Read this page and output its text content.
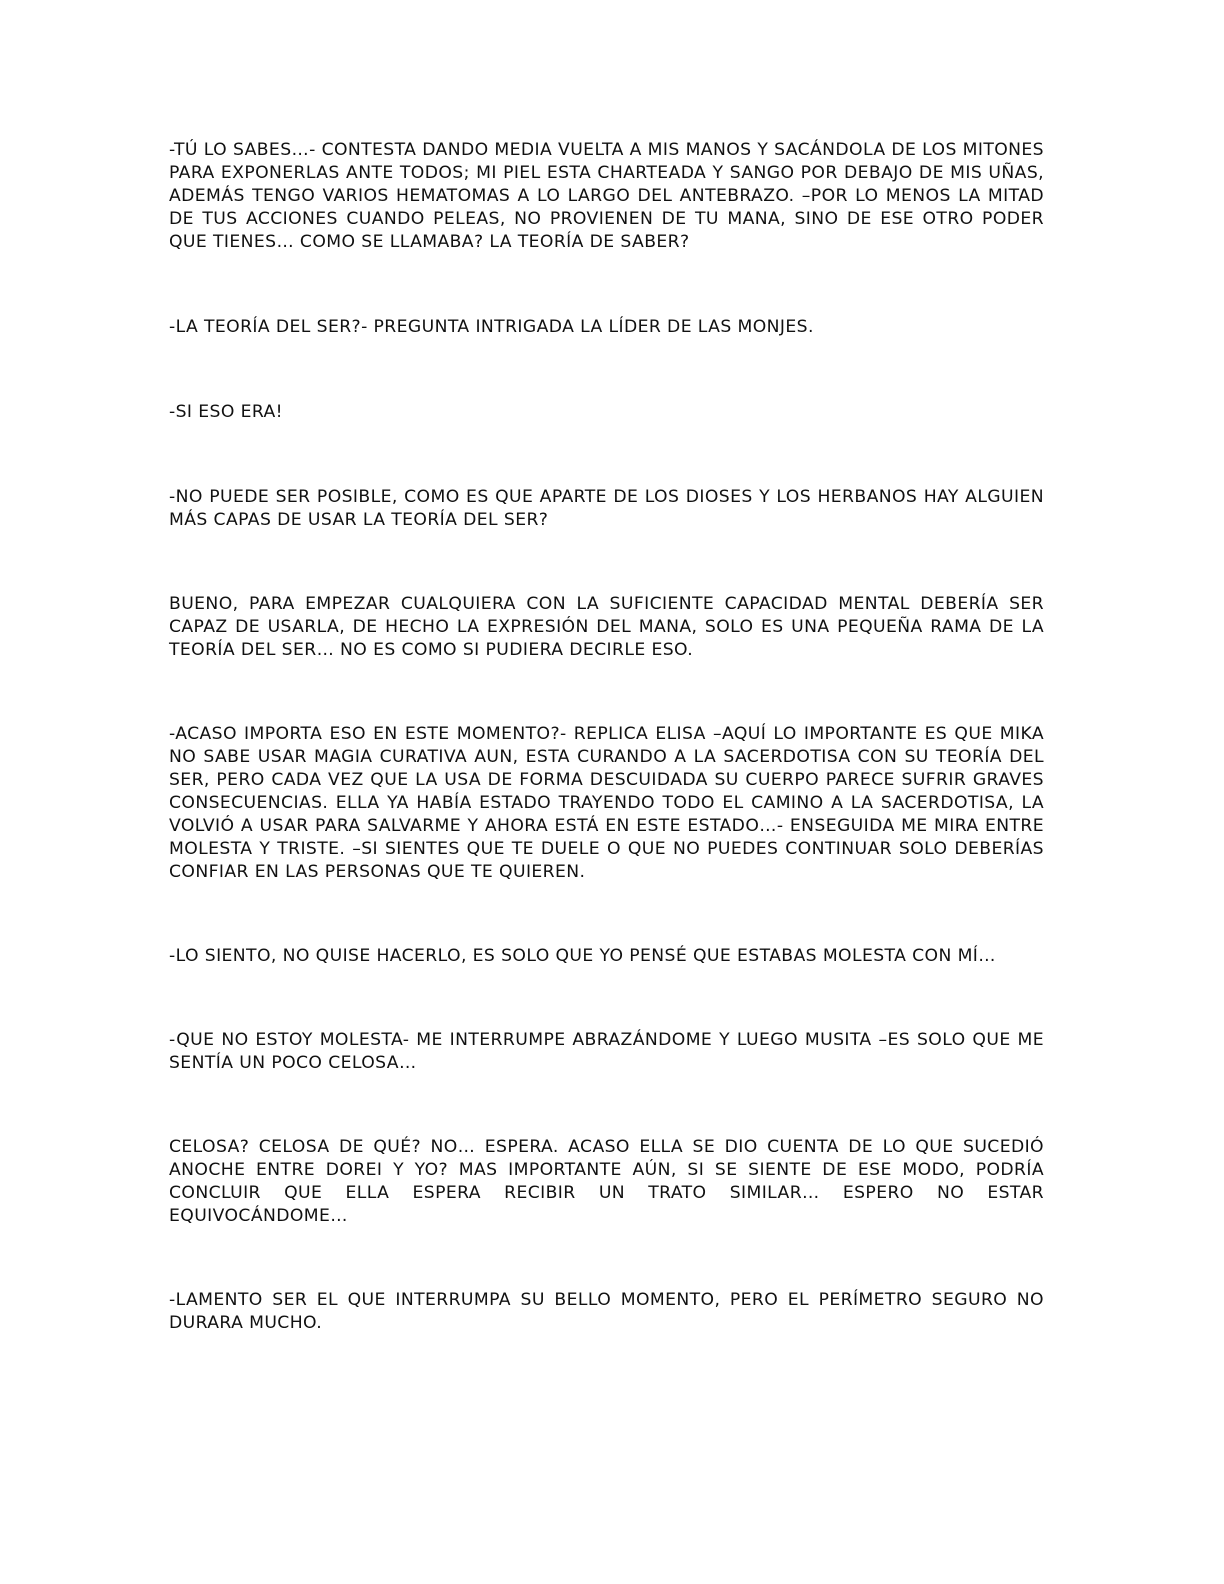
-TÚ LO SABES…- CONTESTA DANDO MEDIA VUELTA A MIS MANOS Y SACÁNDOLA DE LOS MITONES PARA EXPONERLAS ANTE TODOS; MI PIEL ESTA CHARTEADA Y SANGO POR DEBAJO DE MIS UÑAS, ADEMÁS TENGO VARIOS HEMATOMAS A LO LARGO DEL ANTEBRAZO. –POR LO MENOS LA MITAD DE TUS ACCIONES CUANDO PELEAS, NO PROVIENEN DE TU MANA, SINO DE ESE OTRO PODER QUE TIENES… COMO SE LLAMABA? LA TEORÍA DE SABER?

-LA TEORÍA DEL SER?- PREGUNTA INTRIGADA LA LÍDER DE LAS MONJES.

-SI ESO ERA!

-NO PUEDE SER POSIBLE, COMO ES QUE APARTE DE LOS DIOSES Y LOS HERBANOS HAY ALGUIEN MÁS CAPAS DE USAR LA TEORÍA DEL SER?

BUENO, PARA EMPEZAR CUALQUIERA CON LA SUFICIENTE CAPACIDAD MENTAL DEBERÍA SER CAPAZ DE USARLA, DE HECHO LA EXPRESIÓN DEL MANA, SOLO ES UNA PEQUEÑA RAMA DE LA TEORÍA DEL SER… NO ES COMO SI PUDIERA DECIRLE ESO.

-ACASO IMPORTA ESO EN ESTE MOMENTO?- REPLICA ELISA –AQUÍ LO IMPORTANTE ES QUE MIKA NO SABE USAR MAGIA CURATIVA AUN, ESTA CURANDO A LA SACERDOTISA CON SU TEORÍA DEL SER, PERO CADA VEZ QUE LA USA DE FORMA DESCUIDADA SU CUERPO PARECE SUFRIR GRAVES CONSECUENCIAS. ELLA YA HABÍA ESTADO TRAYENDO TODO EL CAMINO A LA SACERDOTISA, LA VOLVIÓ A USAR PARA SALVARME Y AHORA ESTÁ EN ESTE ESTADO…- ENSEGUIDA ME MIRA ENTRE MOLESTA Y TRISTE. –SI SIENTES QUE TE DUELE O QUE NO PUEDES CONTINUAR SOLO DEBERÍAS CONFIAR EN LAS PERSONAS QUE TE QUIEREN.

-LO SIENTO, NO QUISE HACERLO, ES SOLO QUE YO PENSÉ QUE ESTABAS MOLESTA CON MÍ…

-QUE NO ESTOY MOLESTA- ME INTERRUMPE ABRAZÁNDOME Y LUEGO MUSITA –ES SOLO QUE ME SENTÍA UN POCO CELOSA…

CELOSA? CELOSA DE QUÉ? NO… ESPERA. ACASO ELLA SE DIO CUENTA DE LO QUE SUCEDIÓ ANOCHE ENTRE DOREI Y YO? MAS IMPORTANTE AÚN, SI SE SIENTE DE ESE MODO, PODRÍA CONCLUIR QUE ELLA ESPERA RECIBIR UN TRATO SIMILAR… ESPERO NO ESTAR EQUIVOCÁNDOME…

-LAMENTO SER EL QUE INTERRUMPA SU BELLO MOMENTO, PERO EL PERÍMETRO SEGURO NO DURARA MUCHO.
